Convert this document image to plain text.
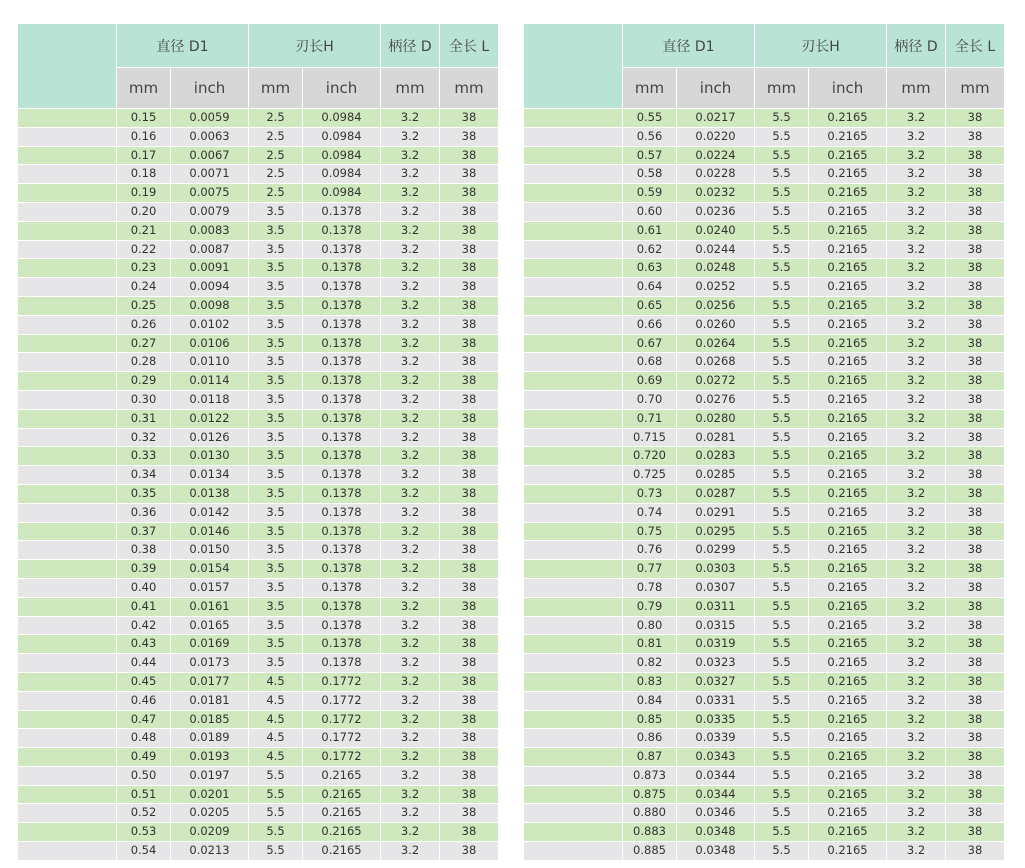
	直径 D1		刃长H		柄径 D	全长 L
	mm	inch	mm	inch	mm	mm
	0.15	0.0059	2.5	0.0984	3.2	38
	0.16	0.0063	2.5	0.0984	3.2	38
	0.17	0.0067	2.5	0.0984	3.2	38
	0.18	0.0071	2.5	0.0984	3.2	38
	0.19	0.0075	2.5	0.0984	3.2	38
	0.20	0.0079	3.5	0.1378	3.2	38
	0.21	0.0083	3.5	0.1378	3.2	38
	0.22	0.0087	3.5	0.1378	3.2	38
	0.23	0.0091	3.5	0.1378	3.2	38
	0.24	0.0094	3.5	0.1378	3.2	38
	0.25	0.0098	3.5	0.1378	3.2	38
	0.26	0.0102	3.5	0.1378	3.2	38
	0.27	0.0106	3.5	0.1378	3.2	38
	0.28	0.0110	3.5	0.1378	3.2	38
	0.29	0.0114	3.5	0.1378	3.2	38
	0.30	0.0118	3.5	0.1378	3.2	38
	0.31	0.0122	3.5	0.1378	3.2	38
	0.32	0.0126	3.5	0.1378	3.2	38
	0.33	0.0130	3.5	0.1378	3.2	38
	0.34	0.0134	3.5	0.1378	3.2	38
	0.35	0.0138	3.5	0.1378	3.2	38
	0.36	0.0142	3.5	0.1378	3.2	38
	0.37	0.0146	3.5	0.1378	3.2	38
	0.38	0.0150	3.5	0.1378	3.2	38
	0.39	0.0154	3.5	0.1378	3.2	38
	0.40	0.0157	3.5	0.1378	3.2	38
	0.41	0.0161	3.5	0.1378	3.2	38
	0.42	0.0165	3.5	0.1378	3.2	38
	0.43	0.0169	3.5	0.1378	3.2	38
	0.44	0.0173	3.5	0.1378	3.2	38
	0.45	0.0177	4.5	0.1772	3.2	38
	0.46	0.0181	4.5	0.1772	3.2	38
	0.47	0.0185	4.5	0.1772	3.2	38
	0.48	0.0189	4.5	0.1772	3.2	38
	0.49	0.0193	4.5	0.1772	3.2	38
	0.50	0.0197	5.5	0.2165	3.2	38
	0.51	0.0201	5.5	0.2165	3.2	38
	0.52	0.0205	5.5	0.2165	3.2	38
	0.53	0.0209	5.5	0.2165	3.2	38
	0.54	0.0213	5.5	0.2165	3.2	38
	直径 D1		刃长H		柄径 D	全长 L
	mm	inch	mm	inch	mm	mm
	0.55	0.0217	5.5	0.2165	3.2	38
	0.56	0.0220	5.5	0.2165	3.2	38
	0.57	0.0224	5.5	0.2165	3.2	38
	0.58	0.0228	5.5	0.2165	3.2	38
	0.59	0.0232	5.5	0.2165	3.2	38
	0.60	0.0236	5.5	0.2165	3.2	38
	0.61	0.0240	5.5	0.2165	3.2	38
	0.62	0.0244	5.5	0.2165	3.2	38
	0.63	0.0248	5.5	0.2165	3.2	38
	0.64	0.0252	5.5	0.2165	3.2	38
	0.65	0.0256	5.5	0.2165	3.2	38
	0.66	0.0260	5.5	0.2165	3.2	38
	0.67	0.0264	5.5	0.2165	3.2	38
	0.68	0.0268	5.5	0.2165	3.2	38
	0.69	0.0272	5.5	0.2165	3.2	38
	0.70	0.0276	5.5	0.2165	3.2	38
	0.71	0.0280	5.5	0.2165	3.2	38
	0.715	0.0281	5.5	0.2165	3.2	38
	0.720	0.0283	5.5	0.2165	3.2	38
	0.725	0.0285	5.5	0.2165	3.2	38
	0.73	0.0287	5.5	0.2165	3.2	38
	0.74	0.0291	5.5	0.2165	3.2	38
	0.75	0.0295	5.5	0.2165	3.2	38
	0.76	0.0299	5.5	0.2165	3.2	38
	0.77	0.0303	5.5	0.2165	3.2	38
	0.78	0.0307	5.5	0.2165	3.2	38
	0.79	0.0311	5.5	0.2165	3.2	38
	0.80	0.0315	5.5	0.2165	3.2	38
	0.81	0.0319	5.5	0.2165	3.2	38
	0.82	0.0323	5.5	0.2165	3.2	38
	0.83	0.0327	5.5	0.2165	3.2	38
	0.84	0.0331	5.5	0.2165	3.2	38
	0.85	0.0335	5.5	0.2165	3.2	38
	0.86	0.0339	5.5	0.2165	3.2	38
	0.87	0.0343	5.5	0.2165	3.2	38
	0.873	0.0344	5.5	0.2165	3.2	38
	0.875	0.0344	5.5	0.2165	3.2	38
	0.880	0.0346	5.5	0.2165	3.2	38
	0.883	0.0348	5.5	0.2165	3.2	38
	0.885	0.0348	5.5	0.2165	3.2	38
